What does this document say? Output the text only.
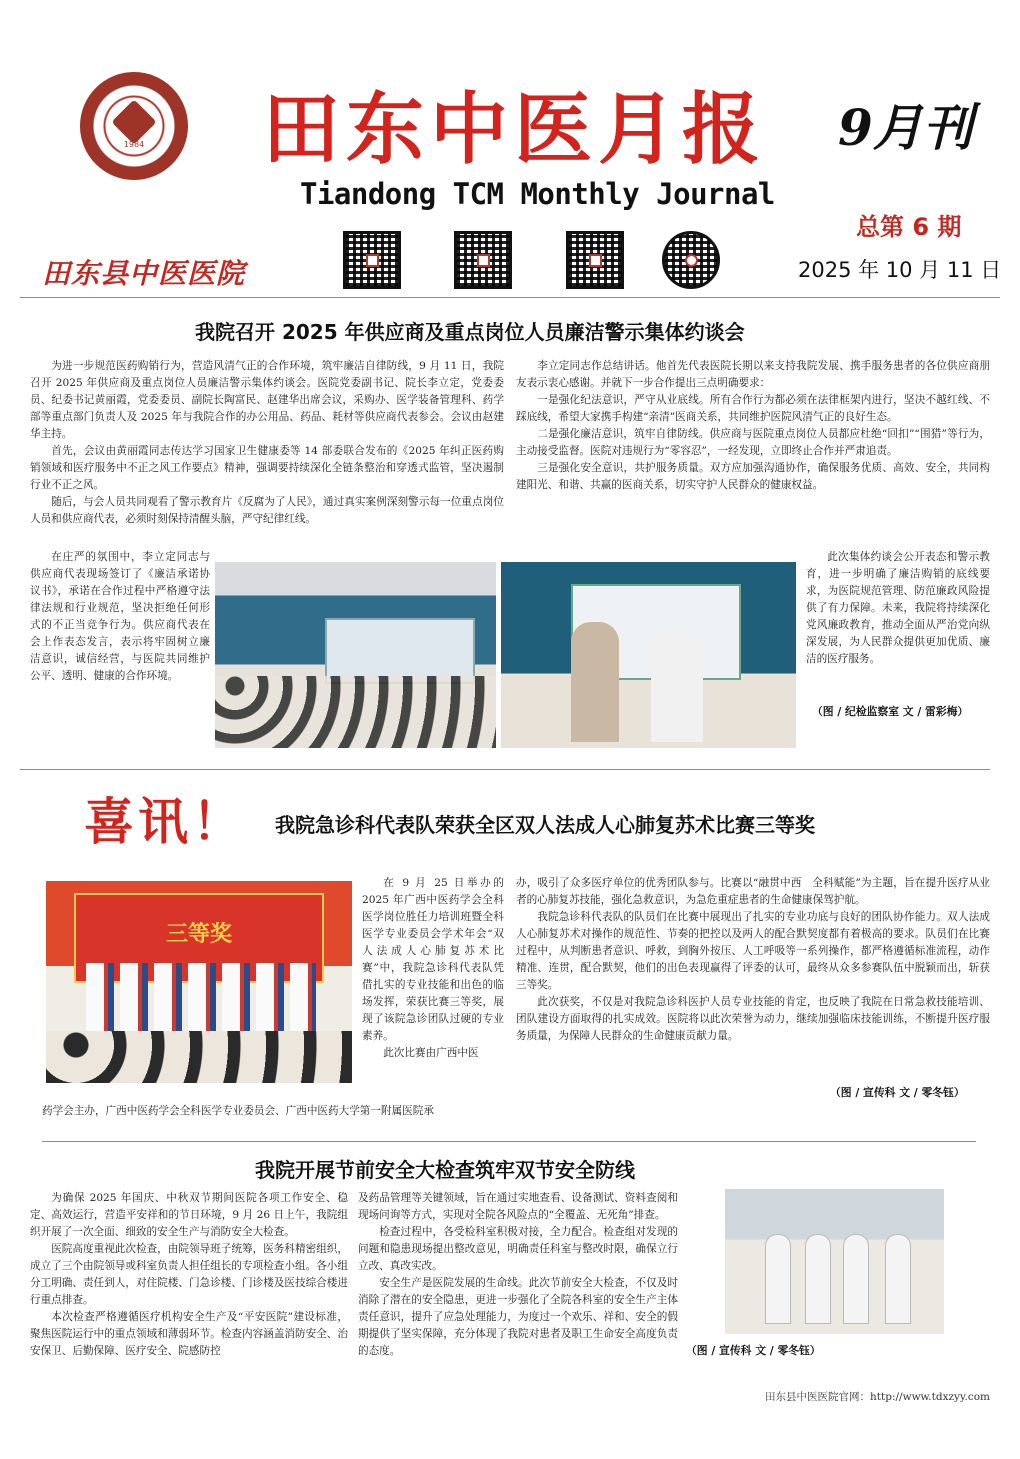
1984
田东县中医医院
田东中医月报
Tiandong TCM Monthly Journal
9月刊
总第 6 期
2025 年 10 月 11 日
我院召开 2025 年供应商及重点岗位人员廉洁警示集体约谈会

为进一步规范医药购销行为，营造风清气正的合作环境，筑牢廉洁自律防线，9 月 11 日，我院召开 2025 年供应商及重点岗位人员廉洁警示集体约谈会。医院党委副书记、院长李立定，党委委员、纪委书记黄丽霞，党委委员、副院长陶富民、赵建华出席会议，采购办、医学装备管理科、药学部等重点部门负责人及 2025 年与我院合作的办公用品、药品、耗材等供应商代表参会。会议由赵建华主持。

首先，会议由黄丽霞同志传达学习国家卫生健康委等 14 部委联合发布的《2025 年纠正医药购销领域和医疗服务中不正之风工作要点》精神，强调要持续深化全链条整治和穿透式监管，坚决遏制行业不正之风。

随后，与会人员共同观看了警示教育片《反腐为了人民》，通过真实案例深刻警示每一位重点岗位人员和供应商代表，必须时刻保持清醒头脑，严守纪律红线。

在庄严的氛围中，李立定同志与供应商代表现场签订了《廉洁承诺协议书》，承诺在合作过程中严格遵守法律法规和行业规范，坚决拒绝任何形式的不正当竞争行为。供应商代表在会上作表态发言，表示将牢固树立廉洁意识，诚信经营，与医院共同维护公平、透明、健康的合作环境。

李立定同志作总结讲话。他首先代表医院长期以来支持我院发展、携手服务患者的各位供应商朋友表示衷心感谢。并就下一步合作提出三点明确要求：

一是强化纪法意识，严守从业底线。所有合作行为都必须在法律框架内进行，坚决不越红线、不踩底线，希望大家携手构建“亲清”医商关系，共同维护医院风清气正的良好生态。

二是强化廉洁意识，筑牢自律防线。供应商与医院重点岗位人员都应杜绝“回扣”“围猎”等行为，主动接受监督。医院对违规行为“零容忍”，一经发现，立即终止合作并严肃追责。

三是强化安全意识，共护服务质量。双方应加强沟通协作，确保服务优质、高效、安全，共同构建阳光、和谐、共赢的医商关系，切实守护人民群众的健康权益。

此次集体约谈会公开表态和警示教育，进一步明确了廉洁购销的底线要求，为医院规范管理、防范廉政风险提供了有力保障。未来，我院将持续深化党风廉政教育，推动全面从严治党向纵深发展，为人民群众提供更加优质、廉洁的医疗服务。

（图 / 纪检监察室 文 / 雷彩梅）
喜讯！ 我院急诊科代表队荣获全区双人法成人心肺复苏术比赛三等奖
三等奖

在 9 月 25 日举办的 2025 年广西中医药学会全科医学岗位胜任力培训班暨全科医学专业委员会学术年会“双人法成人心肺复苏术比赛”中，我院急诊科代表队凭借扎实的专业技能和出色的临场发挥，荣获比赛三等奖，展现了该院急诊团队过硬的专业素养。

此次比赛由广西中医

药学会主办，广西中医药学会全科医学专业委员会、广西中医药大学第一附属医院承

办，吸引了众多医疗单位的优秀团队参与。比赛以“融贯中西　全科赋能”为主题，旨在提升医疗从业者的心肺复苏技能，强化急救意识，为急危重症患者的生命健康保驾护航。

我院急诊科代表队的队员们在比赛中展现出了扎实的专业功底与良好的团队协作能力。双人法成人心肺复苏术对操作的规范性、节奏的把控以及两人的配合默契度都有着极高的要求。队员们在比赛过程中，从判断患者意识、呼救，到胸外按压、人工呼吸等一系列操作，都严格遵循标准流程，动作精准、连贯，配合默契，他们的出色表现赢得了评委的认可，最终从众多参赛队伍中脱颖而出，斩获三等奖。

此次获奖，不仅是对我院急诊科医护人员专业技能的肯定，也反映了我院在日常急救技能培训、团队建设方面取得的扎实成效。医院将以此次荣誉为动力，继续加强临床技能训练，不断提升医疗服务质量，为保障人民群众的生命健康贡献力量。

（图 / 宣传科 文 / 零冬钰）
我院开展节前安全大检查筑牢双节安全防线

为确保 2025 年国庆、中秋双节期间医院各项工作安全、稳定、高效运行，营造平安祥和的节日环境，9 月 26 日上午，我院组织开展了一次全面、细致的安全生产与消防安全大检查。

医院高度重视此次检查，由院领导班子统筹，医务科精密组织，成立了三个由院领导或科室负责人担任组长的专项检查小组。各小组分工明确、责任到人，对住院楼、门急诊楼、门诊楼及医技综合楼进行重点排查。

本次检查严格遵循医疗机构安全生产及“平安医院”建设标准，聚焦医院运行中的重点领域和薄弱环节。检查内容涵盖消防安全、治安保卫、后勤保障、医疗安全、院感防控

及药品管理等关键领域，旨在通过实地查看、设备测试、资料查阅和现场问询等方式，实现对全院各风险点的“全覆盖、无死角”排查。

检查过程中，各受检科室积极对接，全力配合。检查组对发现的问题和隐患现场提出整改意见，明确责任科室与整改时限，确保立行立改、真改实改。

安全生产是医院发展的生命线。此次节前安全大检查，不仅及时消除了潜在的安全隐患，更进一步强化了全院各科室的安全生产主体责任意识，提升了应急处理能力，为度过一个欢乐、祥和、安全的假期提供了坚实保障，充分体现了我院对患者及职工生命安全高度负责的态度。	（图 / 宣传科 文 / 零冬钰）
田东县中医医院官网：http://www.tdxzyy.com
